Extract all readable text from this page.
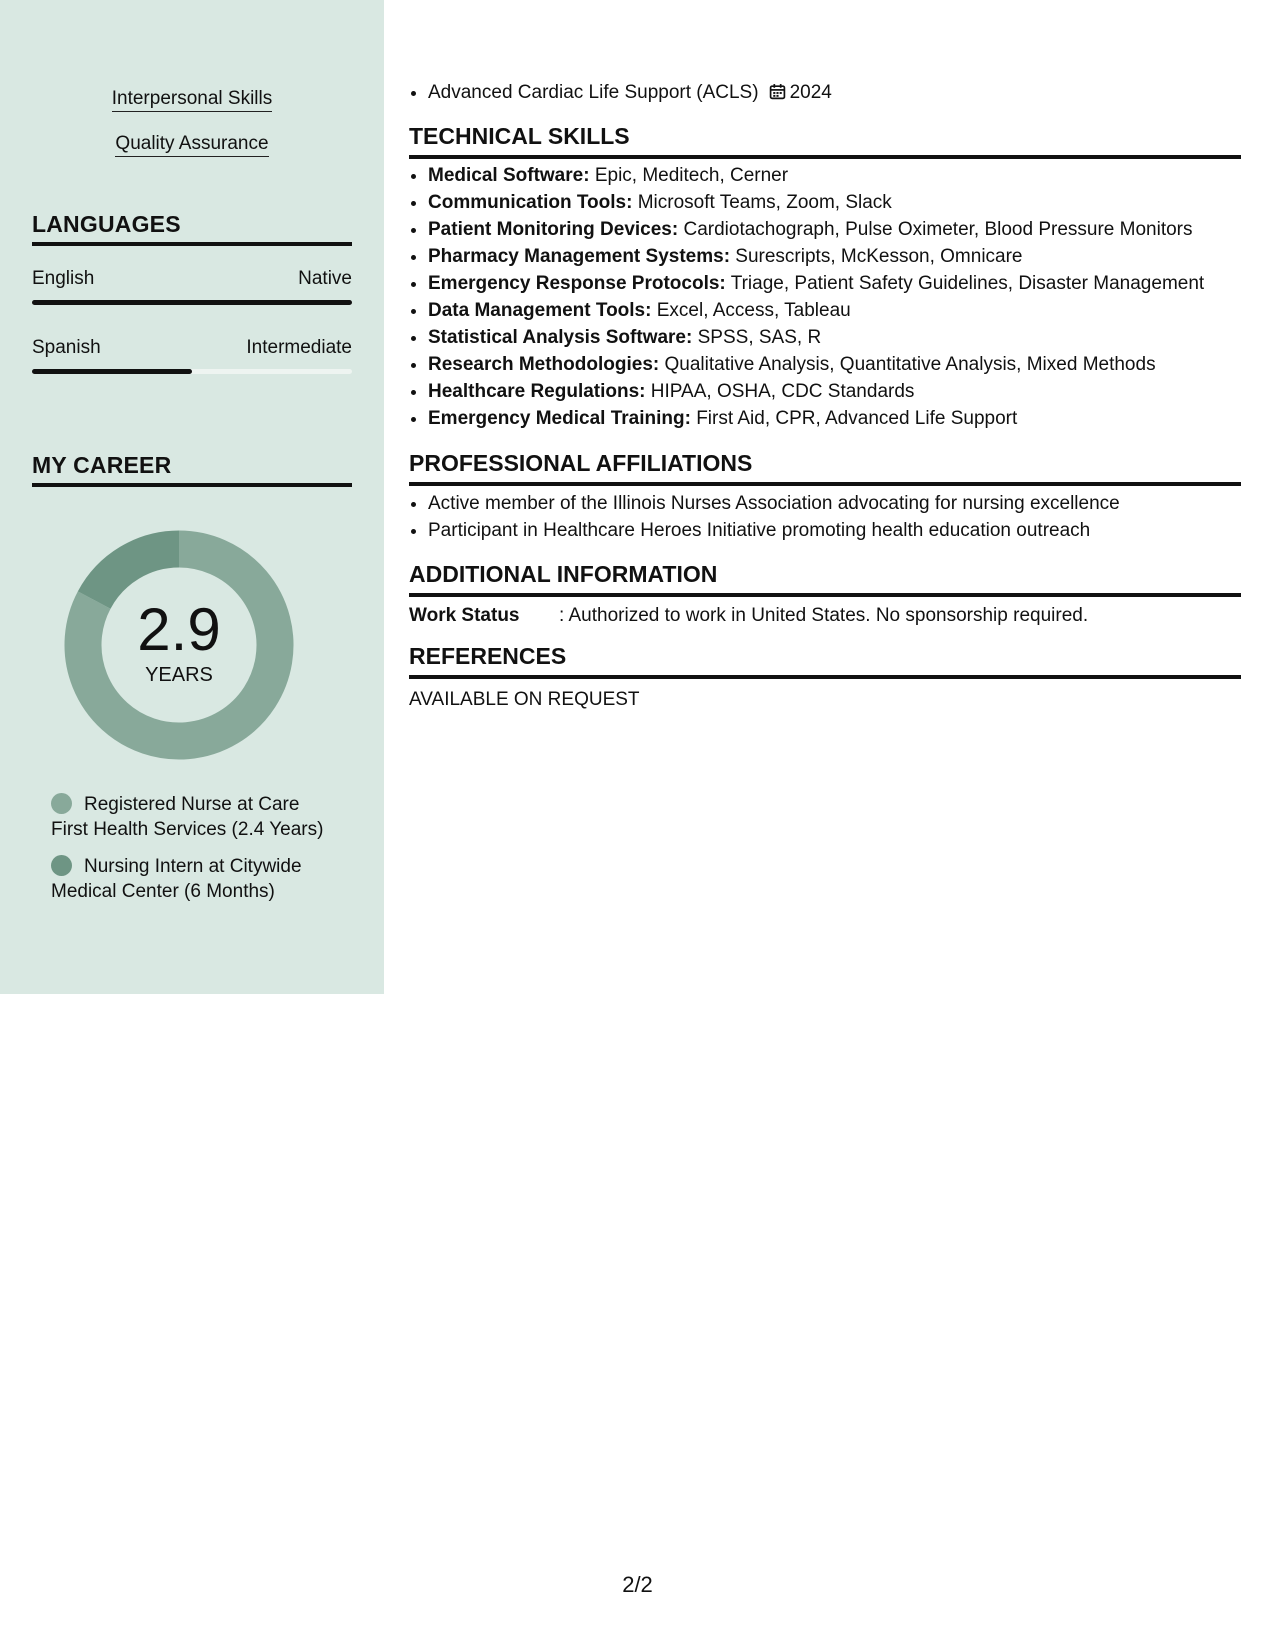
Interpersonal Skills
Quality Assurance
LANGUAGES
English	Native
Spanish	Intermediate
MY CAREER
2.9
YEARS
Registered Nurse at Care First Health Services (2.4 Years)
Nursing Intern at Citywide Medical Center (6 Months)
• Advanced Cardiac Life Support (ACLS) 2024
TECHNICAL SKILLS
• Medical Software: Epic, Meditech, Cerner
• Communication Tools: Microsoft Teams, Zoom, Slack
• Patient Monitoring Devices: Cardiotachograph, Pulse Oximeter, Blood Pressure Monitors
• Pharmacy Management Systems: Surescripts, McKesson, Omnicare
• Emergency Response Protocols: Triage, Patient Safety Guidelines, Disaster Management
• Data Management Tools: Excel, Access, Tableau
• Statistical Analysis Software: SPSS, SAS, R
• Research Methodologies: Qualitative Analysis, Quantitative Analysis, Mixed Methods
• Healthcare Regulations: HIPAA, OSHA, CDC Standards
• Emergency Medical Training: First Aid, CPR, Advanced Life Support
PROFESSIONAL AFFILIATIONS
• Active member of the Illinois Nurses Association advocating for nursing excellence
• Participant in Healthcare Heroes Initiative promoting health education outreach
ADDITIONAL INFORMATION
Work Status : Authorized to work in United States. No sponsorship required.
REFERENCES
AVAILABLE ON REQUEST
2/2
